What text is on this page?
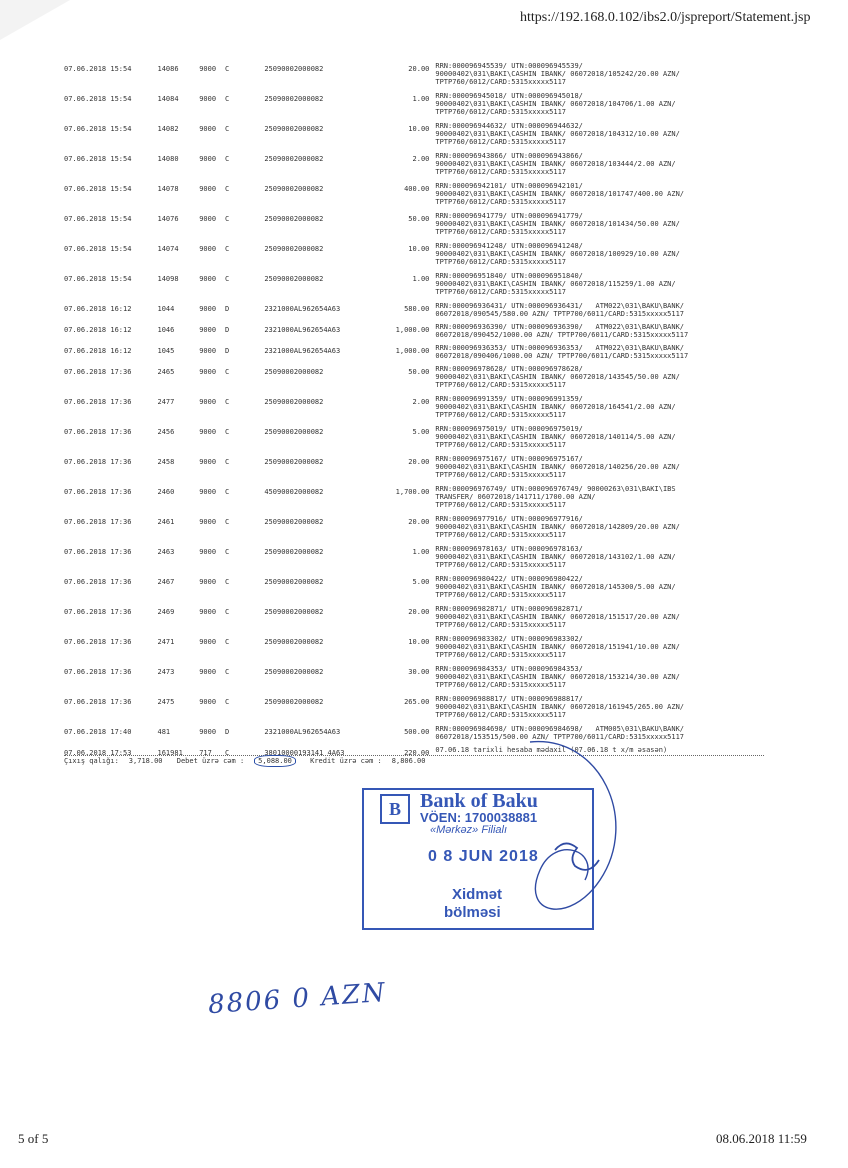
https://192.168.0.102/ibs2.0/jspreport/Statement.jsp
07.06.2018 15:54	14086	9000	C	25090002000082	20.00	RRN:000096945539/ UTN:000096945539/
90000402\031\BAKI\CASHIN IBANK/ 06072018/105242/20.00 AZN/
TPTP760/6012/CARD:5315xxxxx5117

07.06.2018 15:54	14084	9000	C	25090002000082	1.00	RRN:000096945018/ UTN:000096945018/
90000402\031\BAKI\CASHIN IBANK/ 06072018/104706/1.00 AZN/
TPTP760/6012/CARD:5315xxxxx5117

07.06.2018 15:54	14082	9000	C	25090002000082	10.00	RRN:000096944632/ UTN:000096944632/
90000402\031\BAKI\CASHIN IBANK/ 06072018/104312/10.00 AZN/
TPTP760/6012/CARD:5315xxxxx5117

07.06.2018 15:54	14080	9000	C	25090002000082	2.00	RRN:000096943866/ UTN:000096943866/
90000402\031\BAKI\CASHIN IBANK/ 06072018/103444/2.00 AZN/
TPTP760/6012/CARD:5315xxxxx5117

07.06.2018 15:54	14078	9000	C	25090002000082	400.00	RRN:000096942101/ UTN:000096942101/
90000402\031\BAKI\CASHIN IBANK/ 06072018/101747/400.00 AZN/
TPTP760/6012/CARD:5315xxxxx5117

07.06.2018 15:54	14076	9000	C	25090002000082	50.00	RRN:000096941779/ UTN:000096941779/
90000402\031\BAKI\CASHIN IBANK/ 06072018/101434/50.00 AZN/
TPTP760/6012/CARD:5315xxxxx5117

07.06.2018 15:54	14074	9000	C	25090002000082	10.00	RRN:000096941248/ UTN:000096941248/
90000402\031\BAKI\CASHIN IBANK/ 06072018/100929/10.00 AZN/
TPTP760/6012/CARD:5315xxxxx5117

07.06.2018 15:54	14098	9000	C	25090002000082	1.00	RRN:000096951840/ UTN:000096951840/
90000402\031\BAKI\CASHIN IBANK/ 06072018/115259/1.00 AZN/
TPTP760/6012/CARD:5315xxxxx5117

07.06.2018 16:12	1044	9000	D	2321000AL962654A63	580.00	RRN:000096936431/ UTN:000096936431/   ATM022\031\BAKU\BANK/
06072018/090545/580.00 AZN/ TPTP700/6011/CARD:5315xxxxx5117

07.06.2018 16:12	1046	9000	D	2321000AL962654A63	1,000.00	RRN:000096936390/ UTN:000096936390/   ATM022\031\BAKU\BANK/
06072018/090452/1000.00 AZN/ TPTP700/6011/CARD:5315xxxxx5117

07.06.2018 16:12	1045	9000	D	2321000AL962654A63	1,000.00	RRN:000096936353/ UTN:000096936353/   ATM022\031\BAKU\BANK/
06072018/090406/1000.00 AZN/ TPTP700/6011/CARD:5315xxxxx5117

07.06.2018 17:36	2465	9000	C	25090002000082	50.00	RRN:000096978628/ UTN:000096978628/
90000402\031\BAKI\CASHIN IBANK/ 06072018/143545/50.00 AZN/
TPTP760/6012/CARD:5315xxxxx5117

07.06.2018 17:36	2477	9000	C	25090002000082	2.00	RRN:000096991359/ UTN:000096991359/
90000402\031\BAKI\CASHIN IBANK/ 06072018/164541/2.00 AZN/
TPTP760/6012/CARD:5315xxxxx5117

07.06.2018 17:36	2456	9000	C	25090002000082	5.00	RRN:000096975019/ UTN:000096975019/
90000402\031\BAKI\CASHIN IBANK/ 06072018/140114/5.00 AZN/
TPTP760/6012/CARD:5315xxxxx5117

07.06.2018 17:36	2458	9000	C	25090002000082	20.00	RRN:000096975167/ UTN:000096975167/
90000402\031\BAKI\CASHIN IBANK/ 06072018/140256/20.00 AZN/
TPTP760/6012/CARD:5315xxxxx5117

07.06.2018 17:36	2460	9000	C	45090002000082	1,700.00	RRN:000096976749/ UTN:000096976749/ 90000263\031\BAKI\IBS
TRANSFER/ 06072018/141711/1700.00 AZN/
TPTP760/6012/CARD:5315xxxxx5117

07.06.2018 17:36	2461	9000	C	25090002000082	20.00	RRN:000096977916/ UTN:000096977916/
90000402\031\BAKI\CASHIN IBANK/ 06072018/142809/20.00 AZN/
TPTP760/6012/CARD:5315xxxxx5117

07.06.2018 17:36	2463	9000	C	25090002000082	1.00	RRN:000096978163/ UTN:000096978163/
90000402\031\BAKI\CASHIN IBANK/ 06072018/143102/1.00 AZN/
TPTP760/6012/CARD:5315xxxxx5117

07.06.2018 17:36	2467	9000	C	25090002000082	5.00	RRN:000096980422/ UTN:000096980422/
90000402\031\BAKI\CASHIN IBANK/ 06072018/145300/5.00 AZN/
TPTP760/6012/CARD:5315xxxxx5117

07.06.2018 17:36	2469	9000	C	25090002000082	20.00	RRN:000096982871/ UTN:000096982871/
90000402\031\BAKI\CASHIN IBANK/ 06072018/151517/20.00 AZN/
TPTP760/6012/CARD:5315xxxxx5117

07.06.2018 17:36	2471	9000	C	25090002000082	10.00	RRN:000096983302/ UTN:000096983302/
90000402\031\BAKI\CASHIN IBANK/ 06072018/151941/10.00 AZN/
TPTP760/6012/CARD:5315xxxxx5117

07.06.2018 17:36	2473	9000	C	25090002000082	30.00	RRN:000096984353/ UTN:000096984353/
90000402\031\BAKI\CASHIN IBANK/ 06072018/153214/30.00 AZN/
TPTP760/6012/CARD:5315xxxxx5117

07.06.2018 17:36	2475	9000	C	25090002000082	265.00	RRN:000096988817/ UTN:000096988817/
90000402\031\BAKI\CASHIN IBANK/ 06072018/161945/265.00 AZN/
TPTP760/6012/CARD:5315xxxxx5117

07.06.2018 17:40	481	9000	D	2321000AL962654A63	500.00	RRN:000096984698/ UTN:000096984698/   ATM005\031\BAKU\BANK/
06072018/153515/500.00 AZN/ TPTP700/6011/CARD:5315xxxxx5117

07.06.2018 17:53	161981	717	C	38010000193141 4A63	220.00	07.06.18 tarixli hesaba mədaxil (07.06.18 t x/m əsasən)
Çıxış qalığı: 3,718.00 Debet üzrə cəm : 5,088.00	Kredit üzrə cəm : 8,806.00
B Bank of Baku
VÖEN: 1700038881
«Mərkəz» Filialı
0 8 JUN 2018
Xidmət
bölməsi
8806 0 AZN
5 of 5	08.06.2018 11:59
